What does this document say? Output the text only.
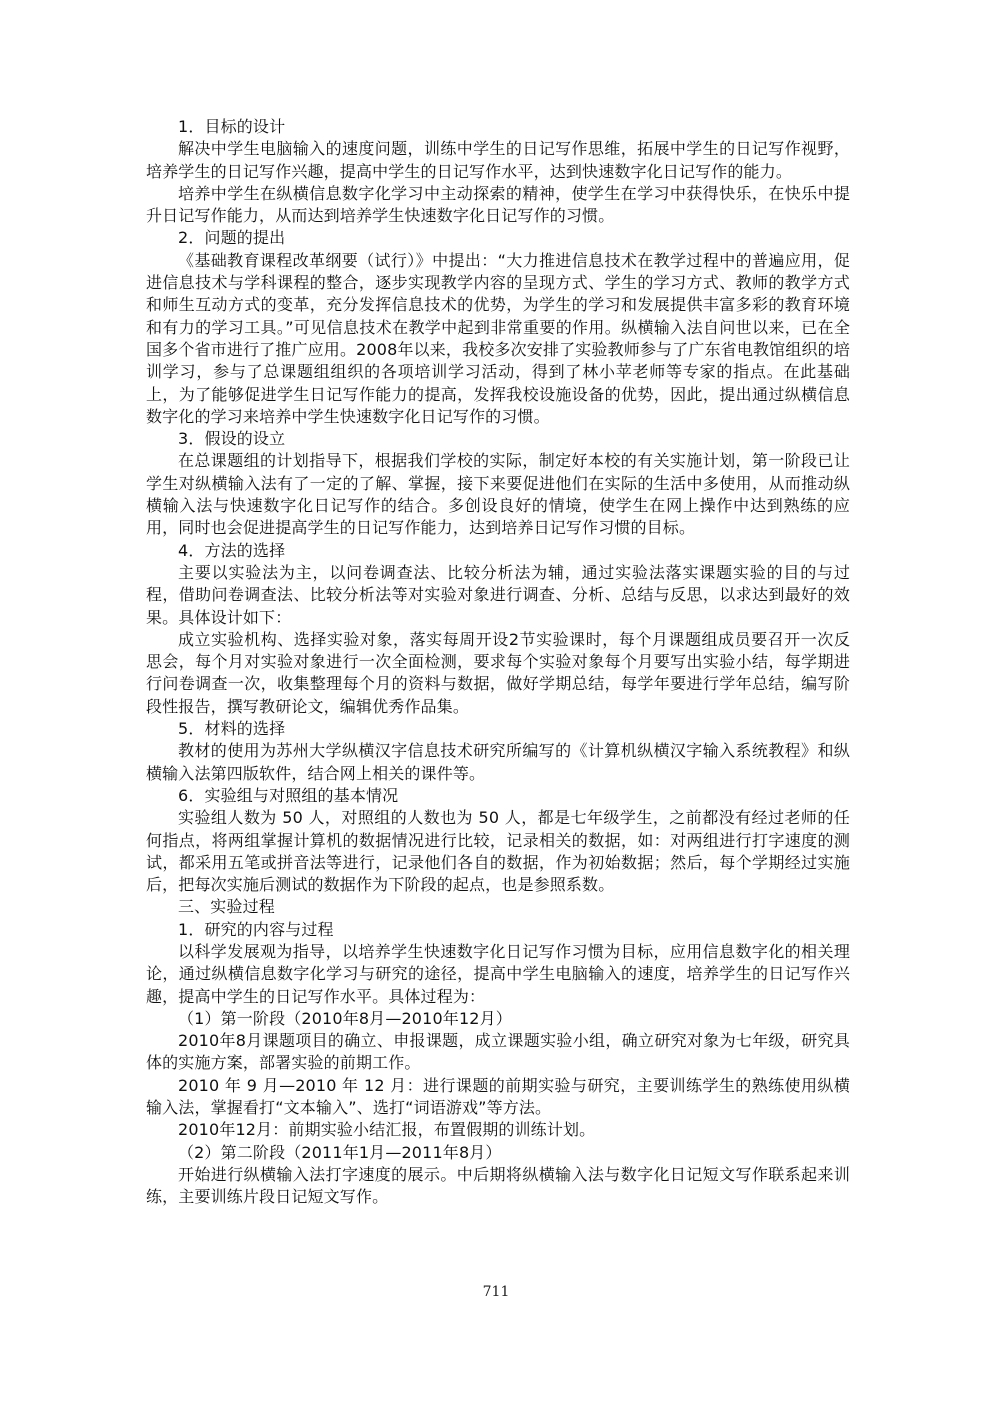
1．目标的设计

解决中学生电脑输入的速度问题，训练中学生的日记写作思维，拓展中学生的日记写作视野，培养学生的日记写作兴趣，提高中学生的日记写作水平，达到快速数字化日记写作的能力。

培养中学生在纵横信息数字化学习中主动探索的精神，使学生在学习中获得快乐，在快乐中提升日记写作能力，从而达到培养学生快速数字化日记写作的习惯。

2．问题的提出

《基础教育课程改革纲要（试行）》中提出：“大力推进信息技术在教学过程中的普遍应用，促进信息技术与学科课程的整合，逐步实现教学内容的呈现方式、学生的学习方式、教师的教学方式和师生互动方式的变革，充分发挥信息技术的优势，为学生的学习和发展提供丰富多彩的教育环境和有力的学习工具。”可见信息技术在教学中起到非常重要的作用。纵横输入法自问世以来，已在全国多个省市进行了推广应用。2008年以来，我校多次安排了实验教师参与了广东省电教馆组织的培训学习，参与了总课题组组织的各项培训学习活动，得到了林小苹老师等专家的指点。在此基础上，为了能够促进学生日记写作能力的提高，发挥我校设施设备的优势，因此，提出通过纵横信息数字化的学习来培养中学生快速数字化日记写作的习惯。

3．假设的设立

在总课题组的计划指导下，根据我们学校的实际，制定好本校的有关实施计划，第一阶段已让学生对纵横输入法有了一定的了解、掌握，接下来要促进他们在实际的生活中多使用，从而推动纵横输入法与快速数字化日记写作的结合。多创设良好的情境，使学生在网上操作中达到熟练的应用，同时也会促进提高学生的日记写作能力，达到培养日记写作习惯的目标。

4．方法的选择

主要以实验法为主，以问卷调查法、比较分析法为辅，通过实验法落实课题实验的目的与过程，借助问卷调查法、比较分析法等对实验对象进行调查、分析、总结与反思，以求达到最好的效果。具体设计如下：

成立实验机构、选择实验对象，落实每周开设2节实验课时，每个月课题组成员要召开一次反思会，每个月对实验对象进行一次全面检测，要求每个实验对象每个月要写出实验小结，每学期进行问卷调查一次，收集整理每个月的资料与数据，做好学期总结，每学年要进行学年总结，编写阶段性报告，撰写教研论文，编辑优秀作品集。

5．材料的选择

教材的使用为苏州大学纵横汉字信息技术研究所编写的《计算机纵横汉字输入系统教程》和纵横输入法第四版软件，结合网上相关的课件等。

6．实验组与对照组的基本情况

实验组人数为 50 人，对照组的人数也为 50 人，都是七年级学生，之前都没有经过老师的任何指点，将两组掌握计算机的数据情况进行比较，记录相关的数据，如：对两组进行打字速度的测试，都采用五笔或拼音法等进行，记录他们各自的数据，作为初始数据；然后，每个学期经过实施后，把每次实施后测试的数据作为下阶段的起点，也是参照系数。

三、实验过程

1．研究的内容与过程

以科学发展观为指导，以培养学生快速数字化日记写作习惯为目标，应用信息数字化的相关理论，通过纵横信息数字化学习与研究的途径，提高中学生电脑输入的速度，培养学生的日记写作兴趣，提高中学生的日记写作水平。具体过程为：

（1）第一阶段（2010年8月—2010年12月）

2010年8月课题项目的确立、申报课题，成立课题实验小组，确立研究对象为七年级，研究具体的实施方案，部署实验的前期工作。

2010 年 9 月—2010 年 12 月：进行课题的前期实验与研究，主要训练学生的熟练使用纵横输入法，掌握看打“文本输入”、选打“词语游戏”等方法。

2010年12月：前期实验小结汇报，布置假期的训练计划。

（2）第二阶段（2011年1月—2011年8月）

开始进行纵横输入法打字速度的展示。中后期将纵横输入法与数字化日记短文写作联系起来训练，主要训练片段日记短文写作。

711
